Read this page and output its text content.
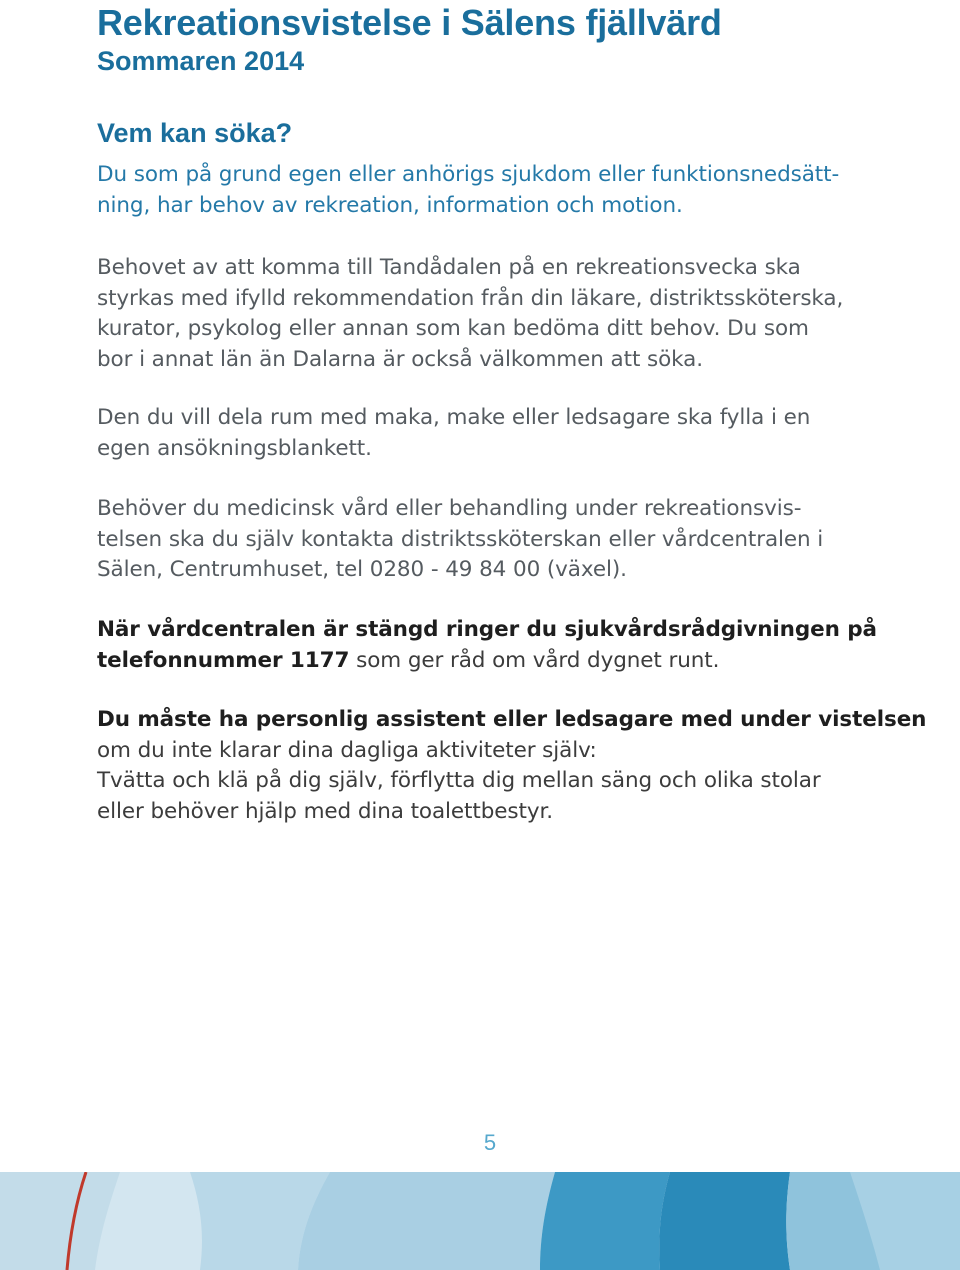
Rekreationsvistelse i Sälens fjällvärd
Sommaren 2014
Vem kan söka?
Du som på grund egen eller anhörigs sjukdom eller funktionsnedsätt-
ning, har behov av rekreation, information och motion.
Behovet av att komma till Tandådalen på en rekreationsvecka ska
styrkas med ifylld rekommendation från din läkare, distriktssköterska,
kurator, psykolog eller annan som kan bedöma ditt behov. Du som
bor i annat län än Dalarna är också välkommen att söka.
Den du vill dela rum med maka, make eller ledsagare ska fylla i en
egen ansökningsblankett.
Behöver du medicinsk vård eller behandling under rekreationsvis-
telsen ska du själv kontakta distriktssköterskan eller vårdcentralen i
Sälen, Centrumhuset, tel 0280 - 49 84 00 (växel).
När vårdcentralen är stängd ringer du sjukvårdsrådgivningen på
telefonnummer 1177 som ger råd om vård dygnet runt.
Du måste ha personlig assistent eller ledsagare med under vistelsen
om du inte klarar dina dagliga aktiviteter själv:
Tvätta och klä på dig själv, förflytta dig mellan säng och olika stolar
eller behöver hjälp med dina toalettbestyr.
5
